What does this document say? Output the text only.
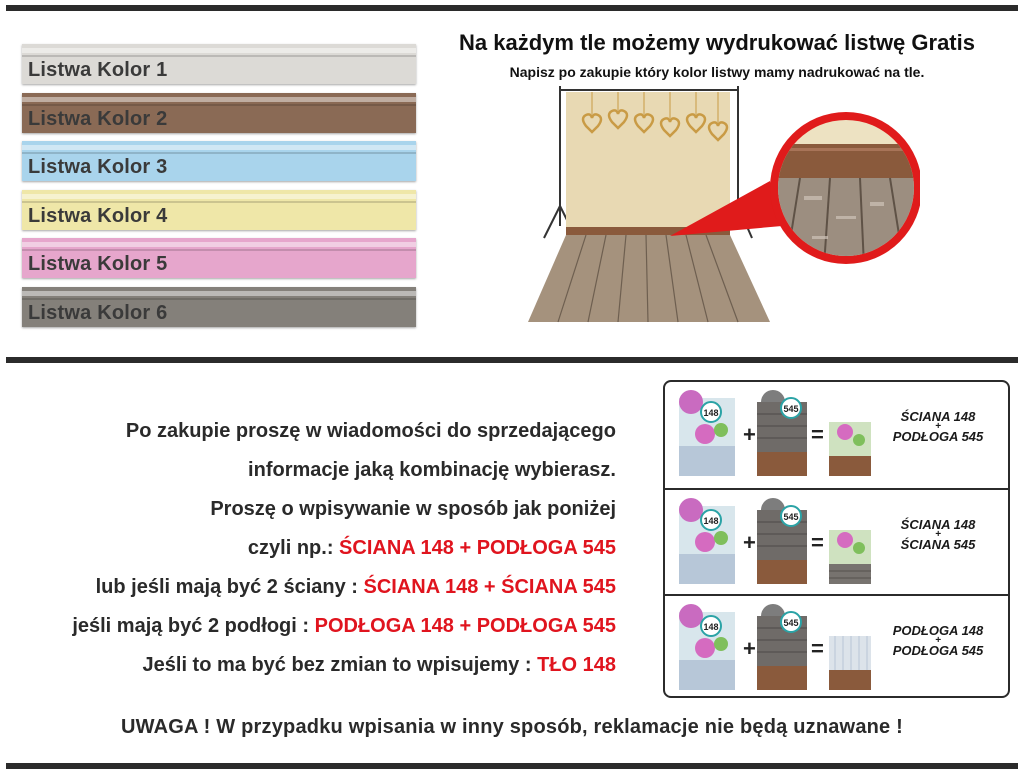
Listwa Kolor 1
Listwa Kolor 2
Listwa Kolor 3
Listwa Kolor 4
Listwa Kolor 5
Listwa Kolor 6
Na każdym tle możemy wydrukować listwę Gratis
Napisz po zakupie który kolor listwy mamy nadrukować na tle.
Po zakupie proszę w wiadomości do sprzedającego
informacje jaką kombinację wybierasz.
Proszę o wpisywanie w sposób jak poniżej
czyli np.: ŚCIANA 148 + PODŁOGA 545
lub jeśli mają być 2 ściany : ŚCIANA 148 + ŚCIANA 545
jeśli mają być 2 podłogi : PODŁOGA 148 + PODŁOGA 545
Jeśli to ma być bez zmian to wpisujemy : TŁO 148
148
+
545
=
ŚCIANA 148
+
PODŁOGA 545
148
+
545
=
ŚCIANA 148
+
ŚCIANA 545
148
+
545
=
PODŁOGA 148
+
PODŁOGA 545
UWAGA ! W przypadku wpisania w inny sposób, reklamacje nie będą uznawane !
